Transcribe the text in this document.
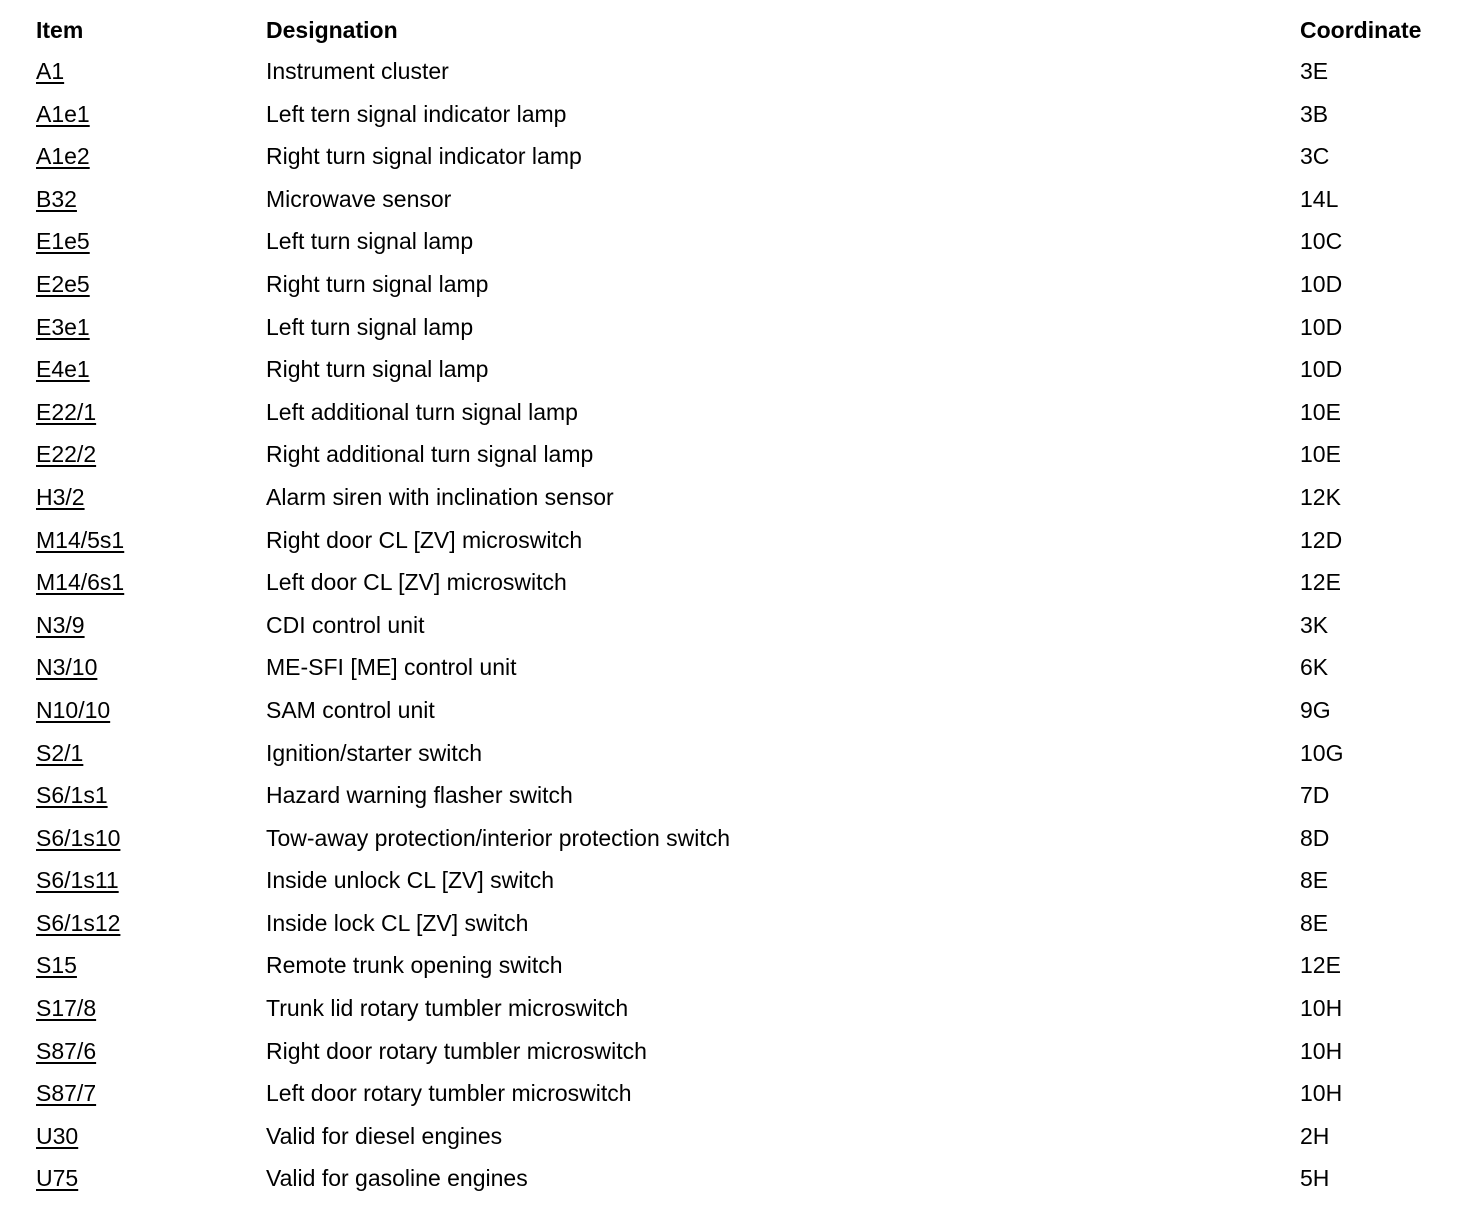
Item	Designation	Coordinate
A1	Instrument cluster	3E
A1e1	Left tern signal indicator lamp	3B
A1e2	Right turn signal indicator lamp	3C
B32	Microwave sensor	14L
E1e5	Left turn signal lamp	10C
E2e5	Right turn signal lamp	10D
E3e1	Left turn signal lamp	10D
E4e1	Right turn signal lamp	10D
E22/1	Left additional turn signal lamp	10E
E22/2	Right additional turn signal lamp	10E
H3/2	Alarm siren with inclination sensor	12K
M14/5s1	Right door CL [ZV] microswitch	12D
M14/6s1	Left door CL [ZV] microswitch	12E
N3/9	CDI control unit	3K
N3/10	ME-SFI [ME] control unit	6K
N10/10	SAM control unit	9G
S2/1	Ignition/starter switch	10G
S6/1s1	Hazard warning flasher switch	7D
S6/1s10	Tow-away protection/interior protection switch	8D
S6/1s11	Inside unlock CL [ZV] switch	8E
S6/1s12	Inside lock CL [ZV] switch	8E
S15	Remote trunk opening switch	12E
S17/8	Trunk lid rotary tumbler microswitch	10H
S87/6	Right door rotary tumbler microswitch	10H
S87/7	Left door rotary tumbler microswitch	10H
U30	Valid for diesel engines	2H
U75	Valid for gasoline engines	5H
